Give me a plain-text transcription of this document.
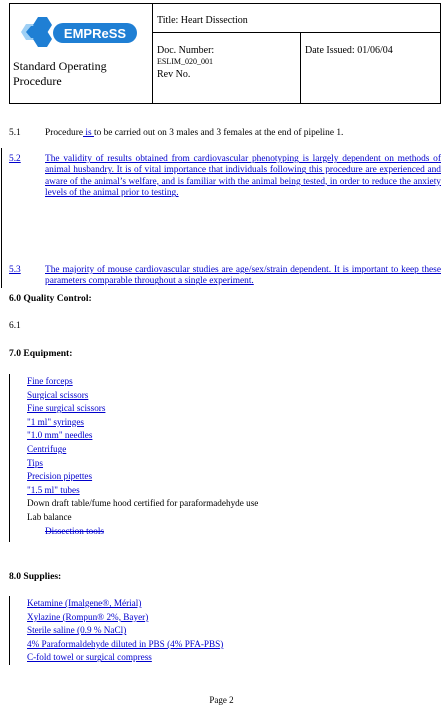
EMPReSS
Title: Heart Dissection
Doc. Number:
ESLIM_020_001
Rev No.
Date Issued: 01/06/04
Standard Operating Procedure
5.1	Procedure is to be carried out on 3 males and 3 females at the end of pipeline 1.
5.2	The validity of results obtained from cardiovascular phenotyping is largely dependent on methods of animal husbandry. It is of vital importance that individuals following this procedure are experienced and aware of the animal’s welfare, and is familiar with the animal being tested, in order to reduce the anxiety levels of the animal prior to testing.
5.3	The majority of mouse cardiovascular studies are age/sex/strain dependent. It is important to keep these parameters comparable throughout a single experiment.
6.0 Quality Control:
6.1
7.0 Equipment:
Fine forceps
Surgical scissors
Fine surgical scissors
"1 ml" syringes
"1.0 mm" needles
Centrifuge
Tips
Precision pipettes
"1.5 ml" tubes
Down draft table/fume hood certified for paraformadehyde use
Lab balance
Dissection tools
8.0 Supplies:
Ketamine (Imalgene®, Mérial)
Xylazine (Rompun® 2%, Bayer)
Sterile saline (0.9 % NaCl)
4% Paraformaldehyde diluted in PBS (4% PFA-PBS)
C-fold towel or surgical compress
Page 2
